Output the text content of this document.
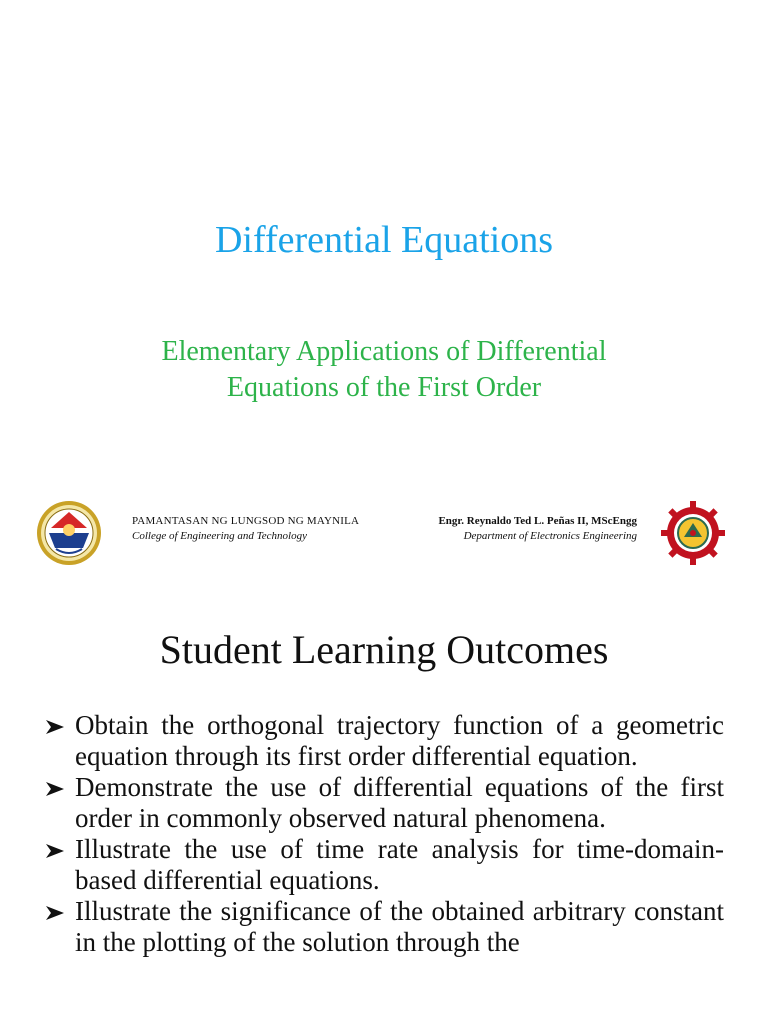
Differential Equations

Elementary Applications of Differential
Equations of the First Order

PAMANTASAN NG LUNGSOD NG MAYNILA
College of Engineering and Technology
Engr. Reynaldo Ted L. Peñas II, MScEngg
Department of Electronics Engineering
Student Learning Outcomes
Obtain the orthogonal trajectory function of a geometric equation through its first order differential equation.
Demonstrate the use of differential equations of the first order in commonly observed natural phenomena.
Illustrate the use of time rate analysis for time-domain-based differential equations.
Illustrate the significance of the obtained arbitrary constant in the plotting of the solution through the
